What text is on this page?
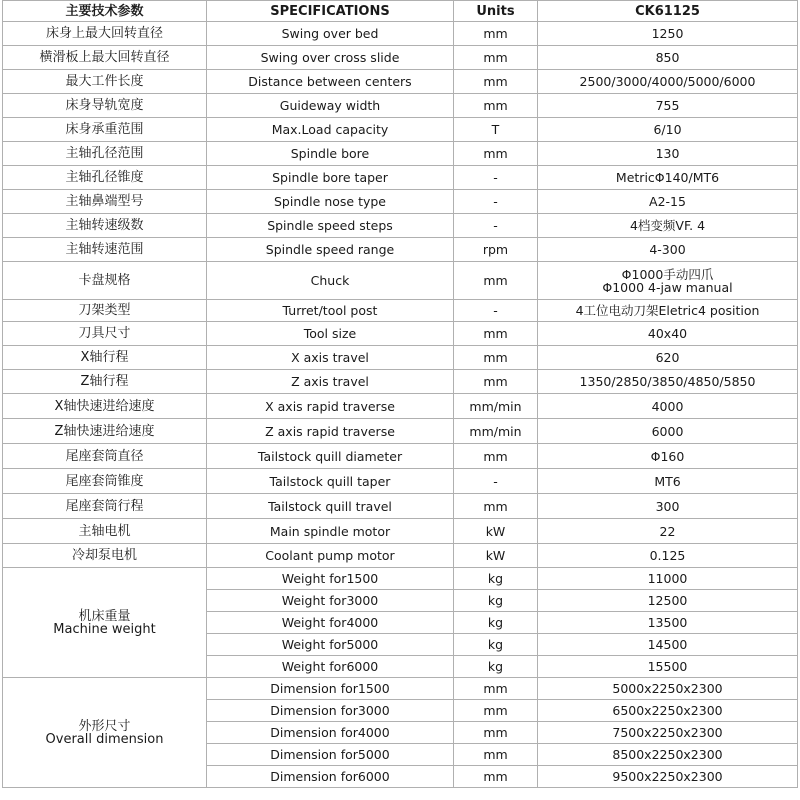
主要技术参数	SPECIFICATIONS	Units	CK61125
床身上最大回转直径	Swing over bed	mm	1250
横滑板上最大回转直径	Swing over cross slide	mm	850
最大工件长度	Distance between centers	mm	2500/3000/4000/5000/6000
床身导轨宽度	Guideway width	mm	755
床身承重范围	Max.Load capacity	T	6/10
主轴孔径范围	Spindle bore	mm	130
主轴孔径锥度	Spindle bore taper	-	MetricΦ140/MT6
主轴鼻端型号	Spindle nose type	-	A2-15
主轴转速级数	Spindle speed steps	-	4档变频VF. 4
主轴转速范围	Spindle speed range	rpm	4-300
卡盘规格	Chuck	mm	Φ1000手动四爪
Φ1000 4-jaw manual

刀架类型	Turret/tool post	-	4工位电动刀架Eletric4 position
刀具尺寸	Tool size	mm	40x40
X轴行程	X axis travel	mm	620
Z轴行程	Z axis travel	mm	1350/2850/3850/4850/5850
X轴快速进给速度	X axis rapid traverse	mm/min	4000
Z轴快速进给速度	Z axis rapid traverse	mm/min	6000
尾座套筒直径	Tailstock quill diameter	mm	Φ160
尾座套筒锥度	Tailstock quill taper	-	MT6
尾座套筒行程	Tailstock quill travel	mm	300
主轴电机	Main spindle motor	kW	22
冷却泵电机	Coolant pump motor	kW	0.125

机床重量
Machine weight	Weight for1500	kg	11000
	Weight for3000	kg	12500
	Weight for4000	kg	13500
	Weight for5000	kg	14500
	Weight for6000	kg	15500

外形尺寸
Overall dimension	Dimension for1500	mm	5000x2250x2300
	Dimension for3000	mm	6500x2250x2300
	Dimension for4000	mm	7500x2250x2300
	Dimension for5000	mm	8500x2250x2300
	Dimension for6000	mm	9500x2250x2300
